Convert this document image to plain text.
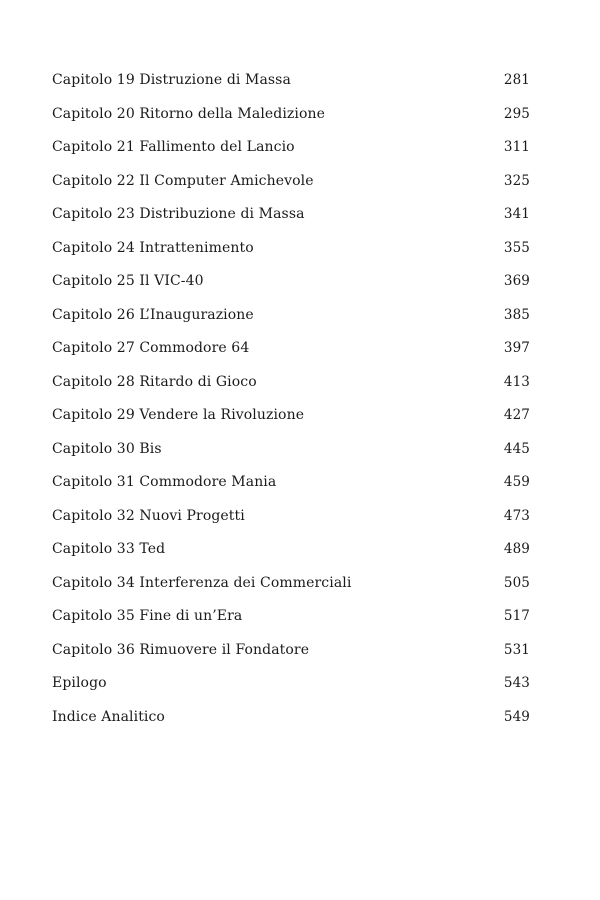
Capitolo 19 Distruzione di Massa	281
Capitolo 20 Ritorno della Maledizione	295
Capitolo 21 Fallimento del Lancio	311
Capitolo 22 Il Computer Amichevole	325
Capitolo 23 Distribuzione di Massa	341
Capitolo 24 Intrattenimento	355
Capitolo 25 Il VIC-40	369
Capitolo 26 L’Inaugurazione	385
Capitolo 27 Commodore 64	397
Capitolo 28 Ritardo di Gioco	413
Capitolo 29 Vendere la Rivoluzione	427
Capitolo 30 Bis	445
Capitolo 31 Commodore Mania	459
Capitolo 32 Nuovi Progetti	473
Capitolo 33 Ted	489
Capitolo 34 Interferenza dei Commerciali	505
Capitolo 35 Fine di un’Era	517
Capitolo 36 Rimuovere il Fondatore	531
Epilogo	543
Indice Analitico	549
